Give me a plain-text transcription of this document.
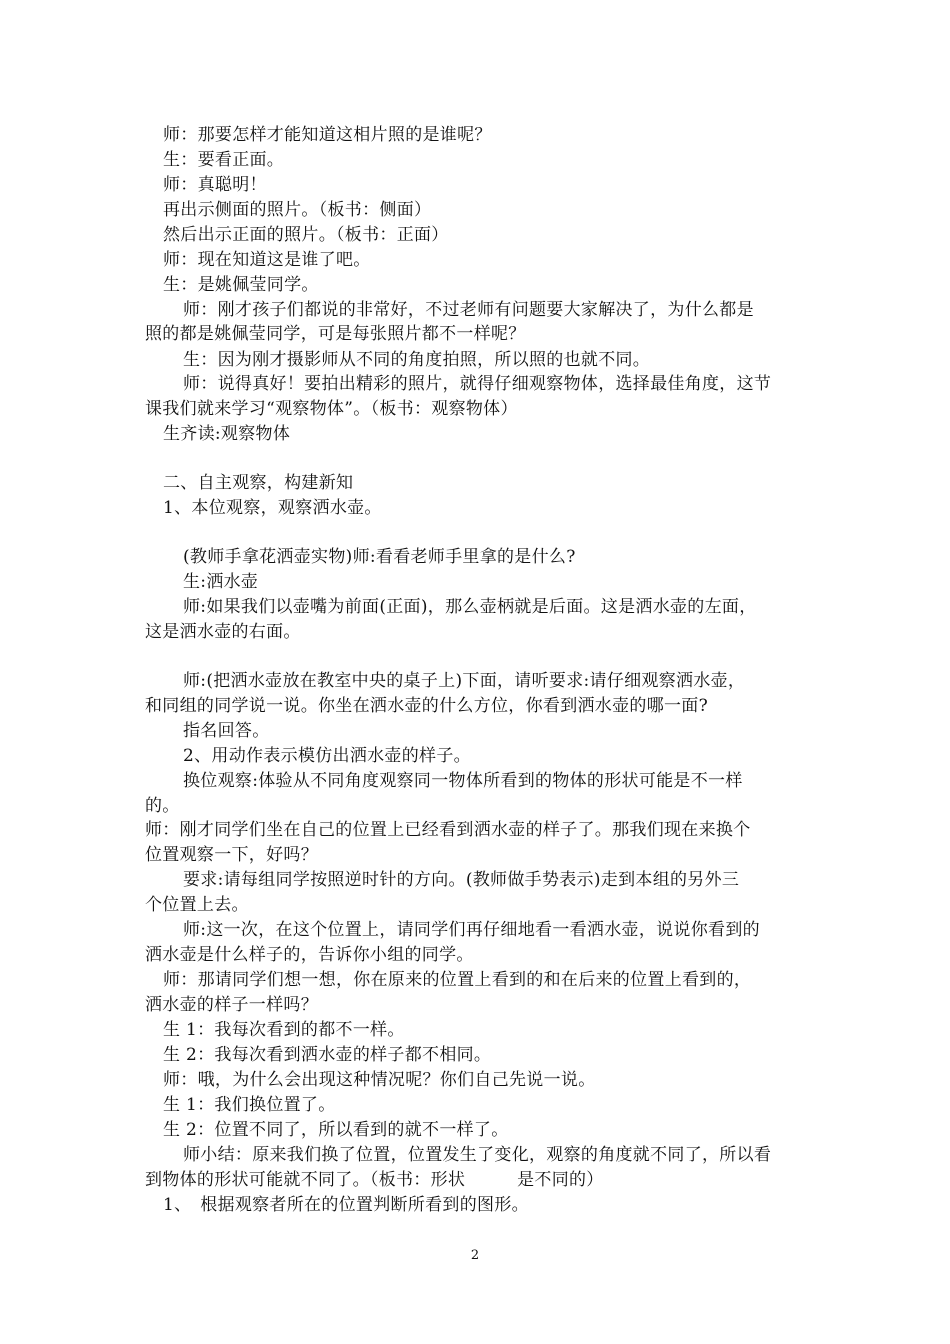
师：那要怎样才能知道这相片照的是谁呢？
生：要看正面。
师：真聪明！
再出示侧面的照片。（板书：侧面）
然后出示正面的照片。（板书：正面）
师：现在知道这是谁了吧。
生：是姚佩莹同学。
师：刚才孩子们都说的非常好，不过老师有问题要大家解决了，为什么都是
照的都是姚佩莹同学，可是每张照片都不一样呢？
生：因为刚才摄影师从不同的角度拍照，所以照的也就不同。
师：说得真好！要拍出精彩的照片，就得仔细观察物体，选择最佳角度，这节
课我们就来学习“观察物体”。（板书：观察物体）
生齐读:观察物体
二、自主观察，构建新知
1、本位观察，观察洒水壶。
(教师手拿花洒壶实物)师:看看老师手里拿的是什么?
生:洒水壶
师:如果我们以壶嘴为前面(正面)，那么壶柄就是后面。这是洒水壶的左面，
这是洒水壶的右面。
师:(把洒水壶放在教室中央的桌子上)下面，请听要求:请仔细观察洒水壶，
和同组的同学说一说。你坐在洒水壶的什么方位，你看到洒水壶的哪一面?
指名回答。
2、用动作表示模仿出洒水壶的样子。
换位观察:体验从不同角度观察同一物体所看到的物体的形状可能是不一样
的。
师：刚才同学们坐在自己的位置上已经看到洒水壶的样子了。那我们现在来换个
位置观察一下，好吗？
要求:请每组同学按照逆时针的方向。(教师做手势表示)走到本组的另外三
个位置上去。
师:这一次，在这个位置上，请同学们再仔细地看一看洒水壶，说说你看到的
洒水壶是什么样子的，告诉你小组的同学。
师：那请同学们想一想，你在原来的位置上看到的和在后来的位置上看到的，
洒水壶的样子一样吗？
生 1：我每次看到的都不一样。
生 2：我每次看到洒水壶的样子都不相同。
师：哦，为什么会出现这种情况呢？你们自己先说一说。
生 1：我们换位置了。
生 2：位置不同了，所以看到的就不一样了。
师小结：原来我们换了位置，位置发生了变化，观察的角度就不同了，所以看
到物体的形状可能就不同了。（板书：形状　　　是不同的）
1、　根据观察者所在的位置判断所看到的图形。
2
